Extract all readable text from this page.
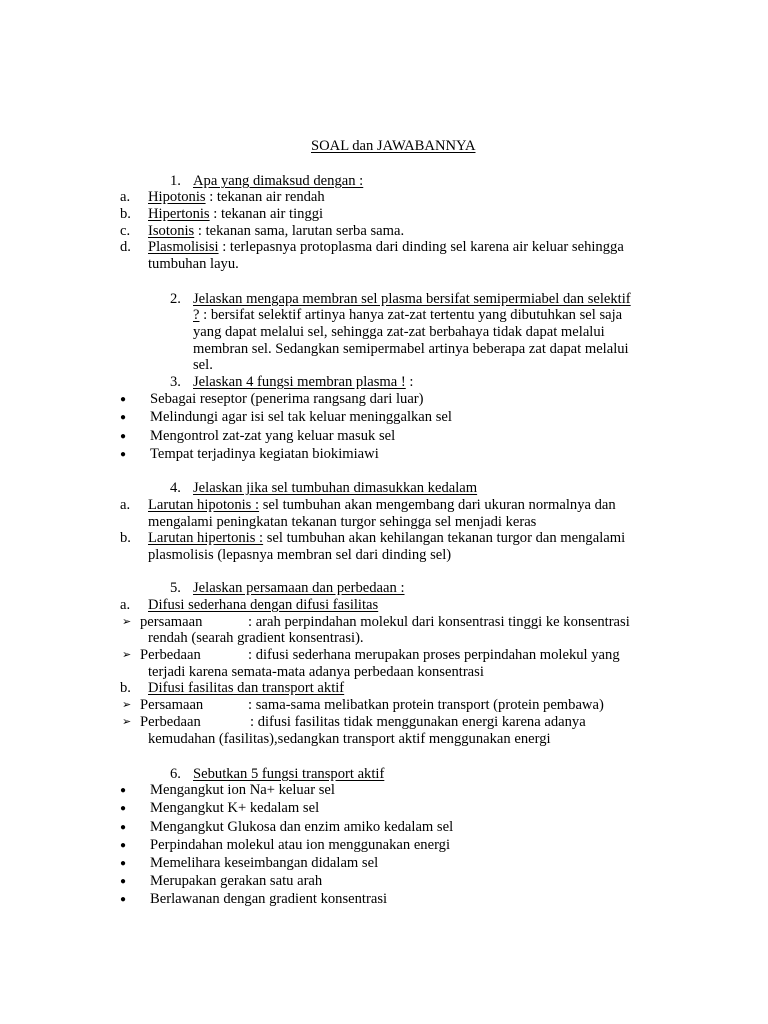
SOAL dan JAWABANNYA
1. Apa yang dimaksud dengan :
a. Hipotonis : tekanan air rendah
b. Hipertonis : tekanan air tinggi
c. Isotonis : tekanan sama, larutan serba sama.
d. Plasmolisisi : terlepasnya protoplasma dari dinding sel karena air keluar sehingga
tumbuhan layu.
2. Jelaskan mengapa membran sel plasma bersifat semipermiabel dan selektif
? : bersifat selektif artinya hanya zat-zat tertentu yang dibutuhkan sel saja
yang dapat melalui sel, sehingga zat-zat berbahaya tidak dapat melalui
membran sel. Sedangkan semipermabel artinya beberapa zat dapat melalui
sel.
3. Jelaskan 4 fungsi membran plasma ! :
● Sebagai reseptor (penerima rangsang dari luar)
● Melindungi agar isi sel tak keluar meninggalkan sel
● Mengontrol zat-zat yang keluar masuk sel
● Tempat terjadinya kegiatan biokimiawi
4. Jelaskan jika sel tumbuhan dimasukkan kedalam
a. Larutan hipotonis : sel tumbuhan akan mengembang dari ukuran normalnya dan
mengalami peningkatan tekanan turgor sehingga sel menjadi keras
b. Larutan hipertonis : sel tumbuhan akan kehilangan tekanan turgor dan mengalami
plasmolisis (lepasnya membran sel dari dinding sel)
5. Jelaskan persamaan dan perbedaan :
a. Difusi sederhana dengan difusi fasilitas
➢ persamaan	: arah perpindahan molekul dari konsentrasi tinggi ke konsentrasi
rendah (searah gradient konsentrasi).
➢ Perbedaan	: difusi sederhana merupakan proses perpindahan molekul yang
terjadi karena semata-mata adanya perbedaan konsentrasi
b. Difusi fasilitas dan transport aktif
➢ Persamaan	: sama-sama melibatkan protein transport (protein pembawa)
➢ Perbedaan	: difusi fasilitas tidak menggunakan energi karena adanya
kemudahan (fasilitas),sedangkan transport aktif menggunakan energi
6. Sebutkan 5 fungsi transport aktif
● Mengangkut ion Na+ keluar sel
● Mengangkut K+ kedalam sel
● Mengangkut Glukosa dan enzim amiko kedalam sel
● Perpindahan molekul atau ion menggunakan energi
● Memelihara keseimbangan didalam sel
● Merupakan gerakan satu arah
● Berlawanan dengan gradient konsentrasi
